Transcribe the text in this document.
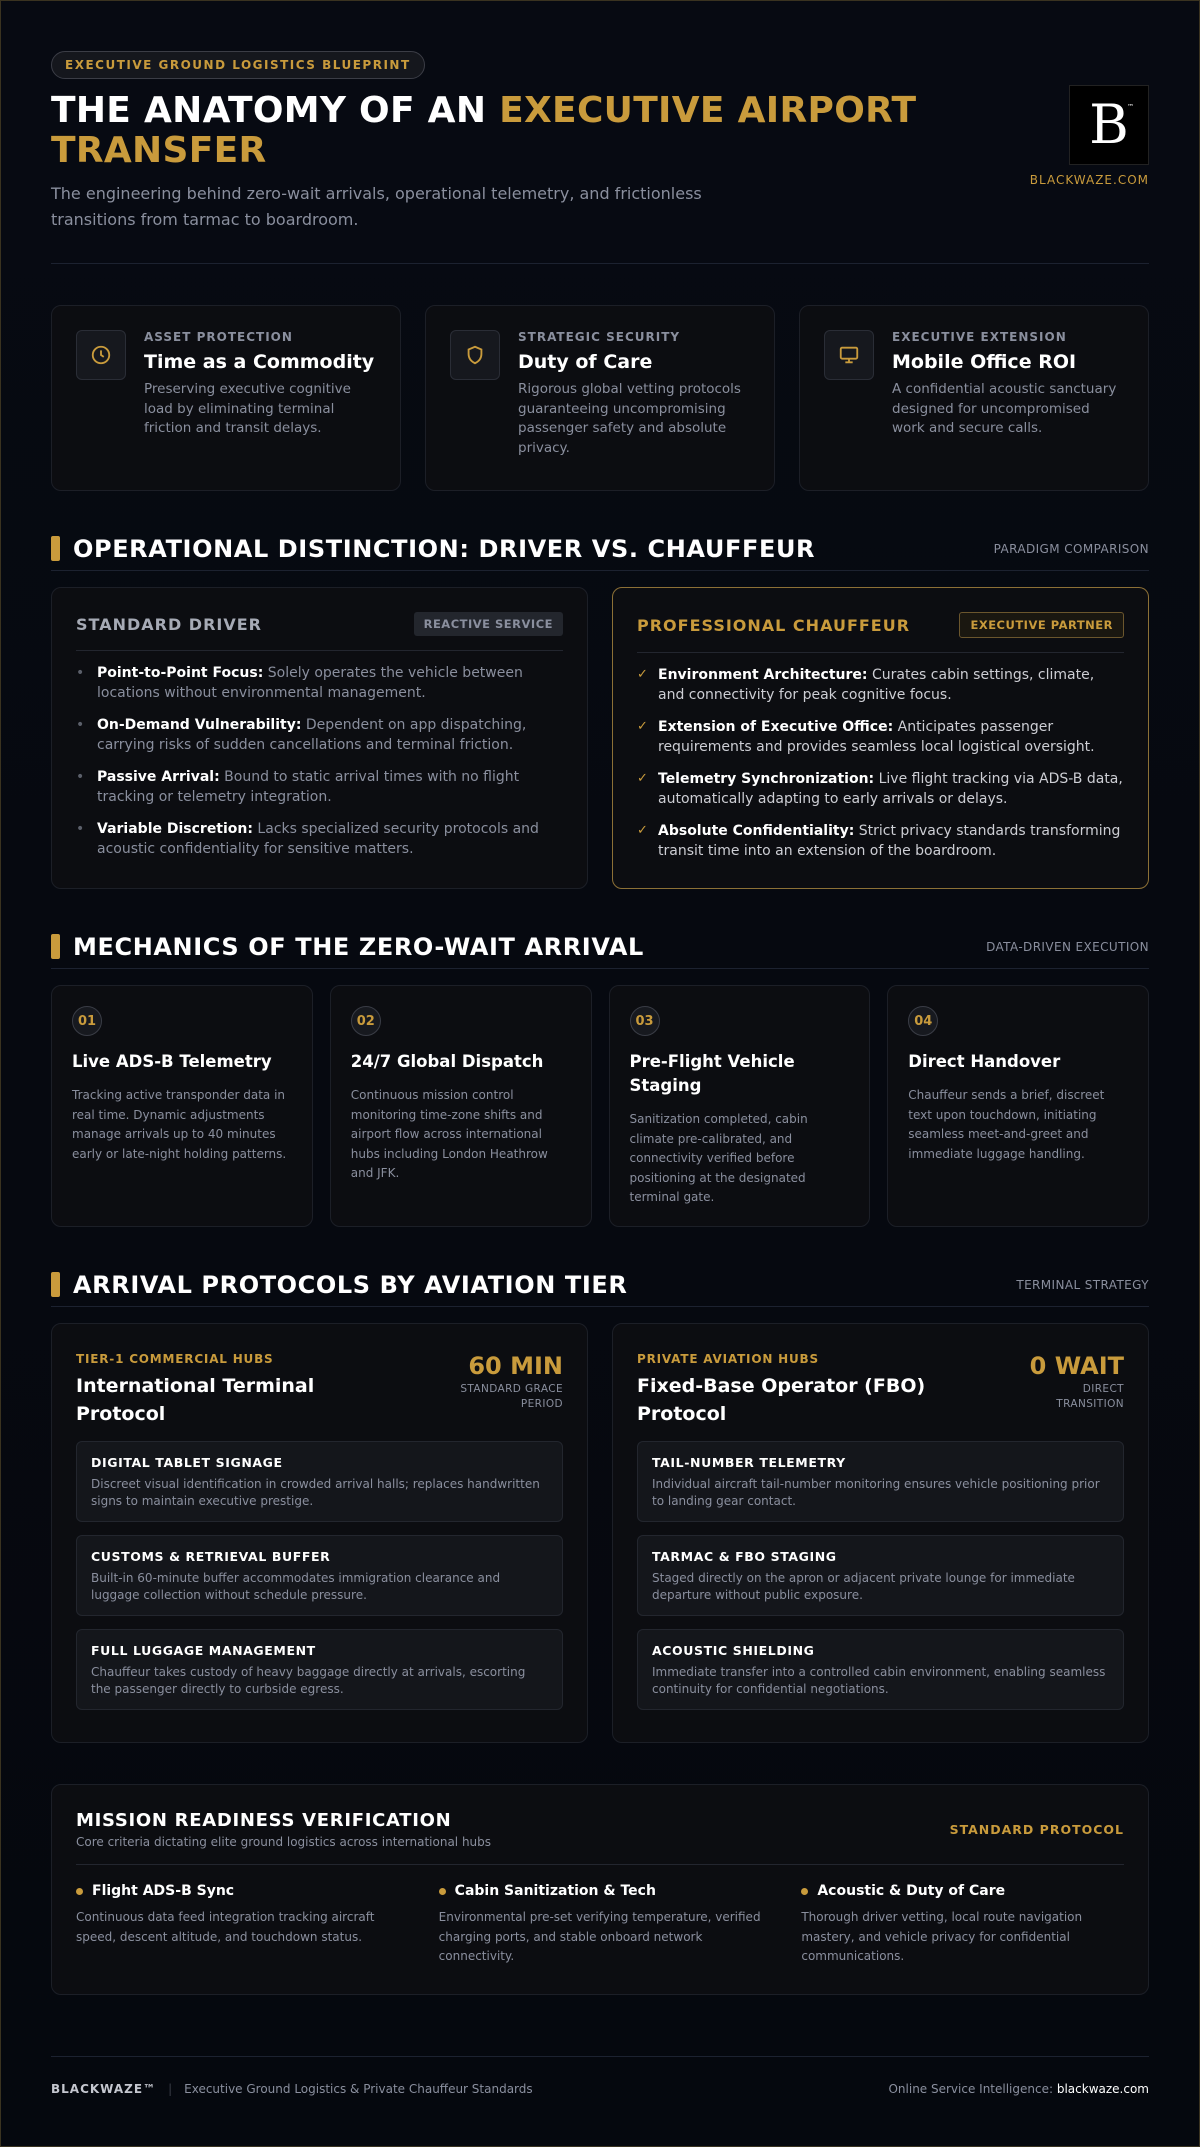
EXECUTIVE GROUND LOGISTICS BLUEPRINT
THE ANATOMY OF AN EXECUTIVE AIRPORT TRANSFER

The engineering behind zero-wait arrivals, operational telemetry, and frictionless transitions from tarmac to boardroom.

B
™
BLACKWAZE.COM
ASSET PROTECTION
Time as a Commodity
Preserving executive cognitive load by eliminating terminal friction and transit delays.
STRATEGIC SECURITY
Duty of Care
Rigorous global vetting protocols guaranteeing uncompromising passenger safety and absolute privacy.
EXECUTIVE EXTENSION
Mobile Office ROI
A confidential acoustic sanctuary designed for uncompromised work and secure calls.
OPERATIONAL DISTINCTION: DRIVER VS. CHAUFFEUR	PARADIGM COMPARISON
STANDARD DRIVER	REACTIVE SERVICE
• Point-to-Point Focus: Solely operates the vehicle between locations without environmental management.
• On-Demand Vulnerability: Dependent on app dispatching, carrying risks of sudden cancellations and terminal friction.
• Passive Arrival: Bound to static arrival times with no flight tracking or telemetry integration.
• Variable Discretion: Lacks specialized security protocols and acoustic confidentiality for sensitive matters.
PROFESSIONAL CHAUFFEUR	EXECUTIVE PARTNER
✓ Environment Architecture: Curates cabin settings, climate, and connectivity for peak cognitive focus.
✓ Extension of Executive Office: Anticipates passenger requirements and provides seamless local logistical oversight.
✓ Telemetry Synchronization: Live flight tracking via ADS-B data, automatically adapting to early arrivals or delays.
✓ Absolute Confidentiality: Strict privacy standards transforming transit time into an extension of the boardroom.
MECHANICS OF THE ZERO-WAIT ARRIVAL	DATA-DRIVEN EXECUTION
01
Live ADS-B Telemetry
Tracking active transponder data in real time. Dynamic adjustments manage arrivals up to 40 minutes early or late-night holding patterns.
02
24/7 Global Dispatch
Continuous mission control monitoring time-zone shifts and airport flow across international hubs including London Heathrow and JFK.
03
Pre-Flight Vehicle Staging
Sanitization completed, cabin climate pre-calibrated, and connectivity verified before positioning at the designated terminal gate.
04
Direct Handover
Chauffeur sends a brief, discreet text upon touchdown, initiating seamless meet-and-greet and immediate luggage handling.
ARRIVAL PROTOCOLS BY AVIATION TIER	TERMINAL STRATEGY
TIER-1 COMMERCIAL HUBS
International Terminal Protocol
60 MIN
STANDARD GRACE PERIOD
DIGITAL TABLET SIGNAGE
Discreet visual identification in crowded arrival halls; replaces handwritten signs to maintain executive prestige.
CUSTOMS & RETRIEVAL BUFFER
Built-in 60-minute buffer accommodates immigration clearance and luggage collection without schedule pressure.
FULL LUGGAGE MANAGEMENT
Chauffeur takes custody of heavy baggage directly at arrivals, escorting the passenger directly to curbside egress.
PRIVATE AVIATION HUBS
Fixed-Base Operator (FBO) Protocol
0 WAIT
DIRECT TRANSITION
TAIL-NUMBER TELEMETRY
Individual aircraft tail-number monitoring ensures vehicle positioning prior to landing gear contact.
TARMAC & FBO STAGING
Staged directly on the apron or adjacent private lounge for immediate departure without public exposure.
ACOUSTIC SHIELDING
Immediate transfer into a controlled cabin environment, enabling seamless continuity for confidential negotiations.
MISSION READINESS VERIFICATION
Core criteria dictating elite ground logistics across international hubs
STANDARD PROTOCOL
Flight ADS-B Sync
Continuous data feed integration tracking aircraft speed, descent altitude, and touchdown status.
Cabin Sanitization & Tech
Environmental pre-set verifying temperature, verified charging ports, and stable onboard network connectivity.
Acoustic & Duty of Care
Thorough driver vetting, local route navigation mastery, and vehicle privacy for confidential communications.
BLACKWAZE™ | Executive Ground Logistics & Private Chauffeur Standards	Online Service Intelligence: blackwaze.com
